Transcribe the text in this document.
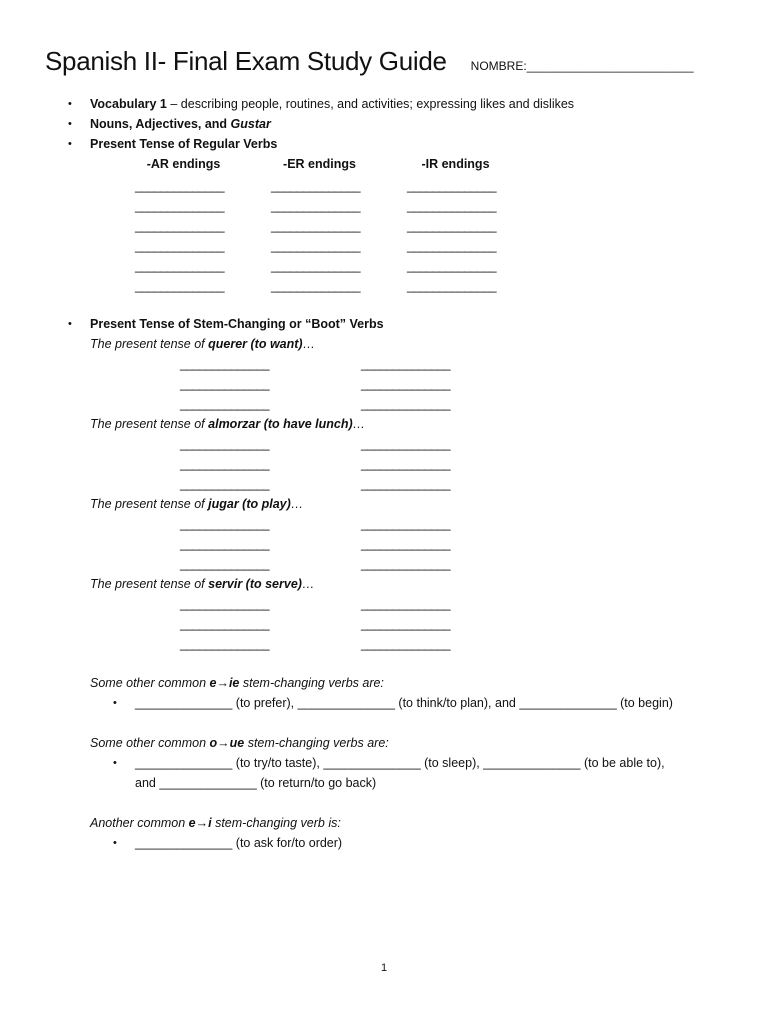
Spanish II- Final Exam Study Guide NOMBRE: _________________________
• Vocabulary 1 – describing people, routines, and activities; expressing likes and dislikes
• Nouns, Adjectives, and Gustar
• Present Tense of Regular Verbs
-AR endings
______________
______________
______________
______________
______________
______________
-ER endings
______________
______________
______________
______________
______________
______________
-IR endings
______________
______________
______________
______________
______________
______________
• Present Tense of Stem-Changing or “Boot” Verbs
The present tense of querer (to want)…
______________
______________
______________
______________
______________
______________
The present tense of almorzar (to have lunch)…
______________
______________
______________
______________
______________
______________
The present tense of jugar (to play)…
______________
______________
______________
______________
______________
______________
The present tense of servir (to serve)…
______________
______________
______________
______________
______________
______________
Some other common e→ie stem-changing verbs are:
• ______________ (to prefer), ______________ (to think/to plan), and ______________ (to begin)
Some other common o→ue stem-changing verbs are:
• ______________ (to try/to taste), ______________ (to sleep), ______________ (to be able to),
and ______________ (to return/to go back)
Another common e→i stem-changing verb is:
• ______________ (to ask for/to order)
1
